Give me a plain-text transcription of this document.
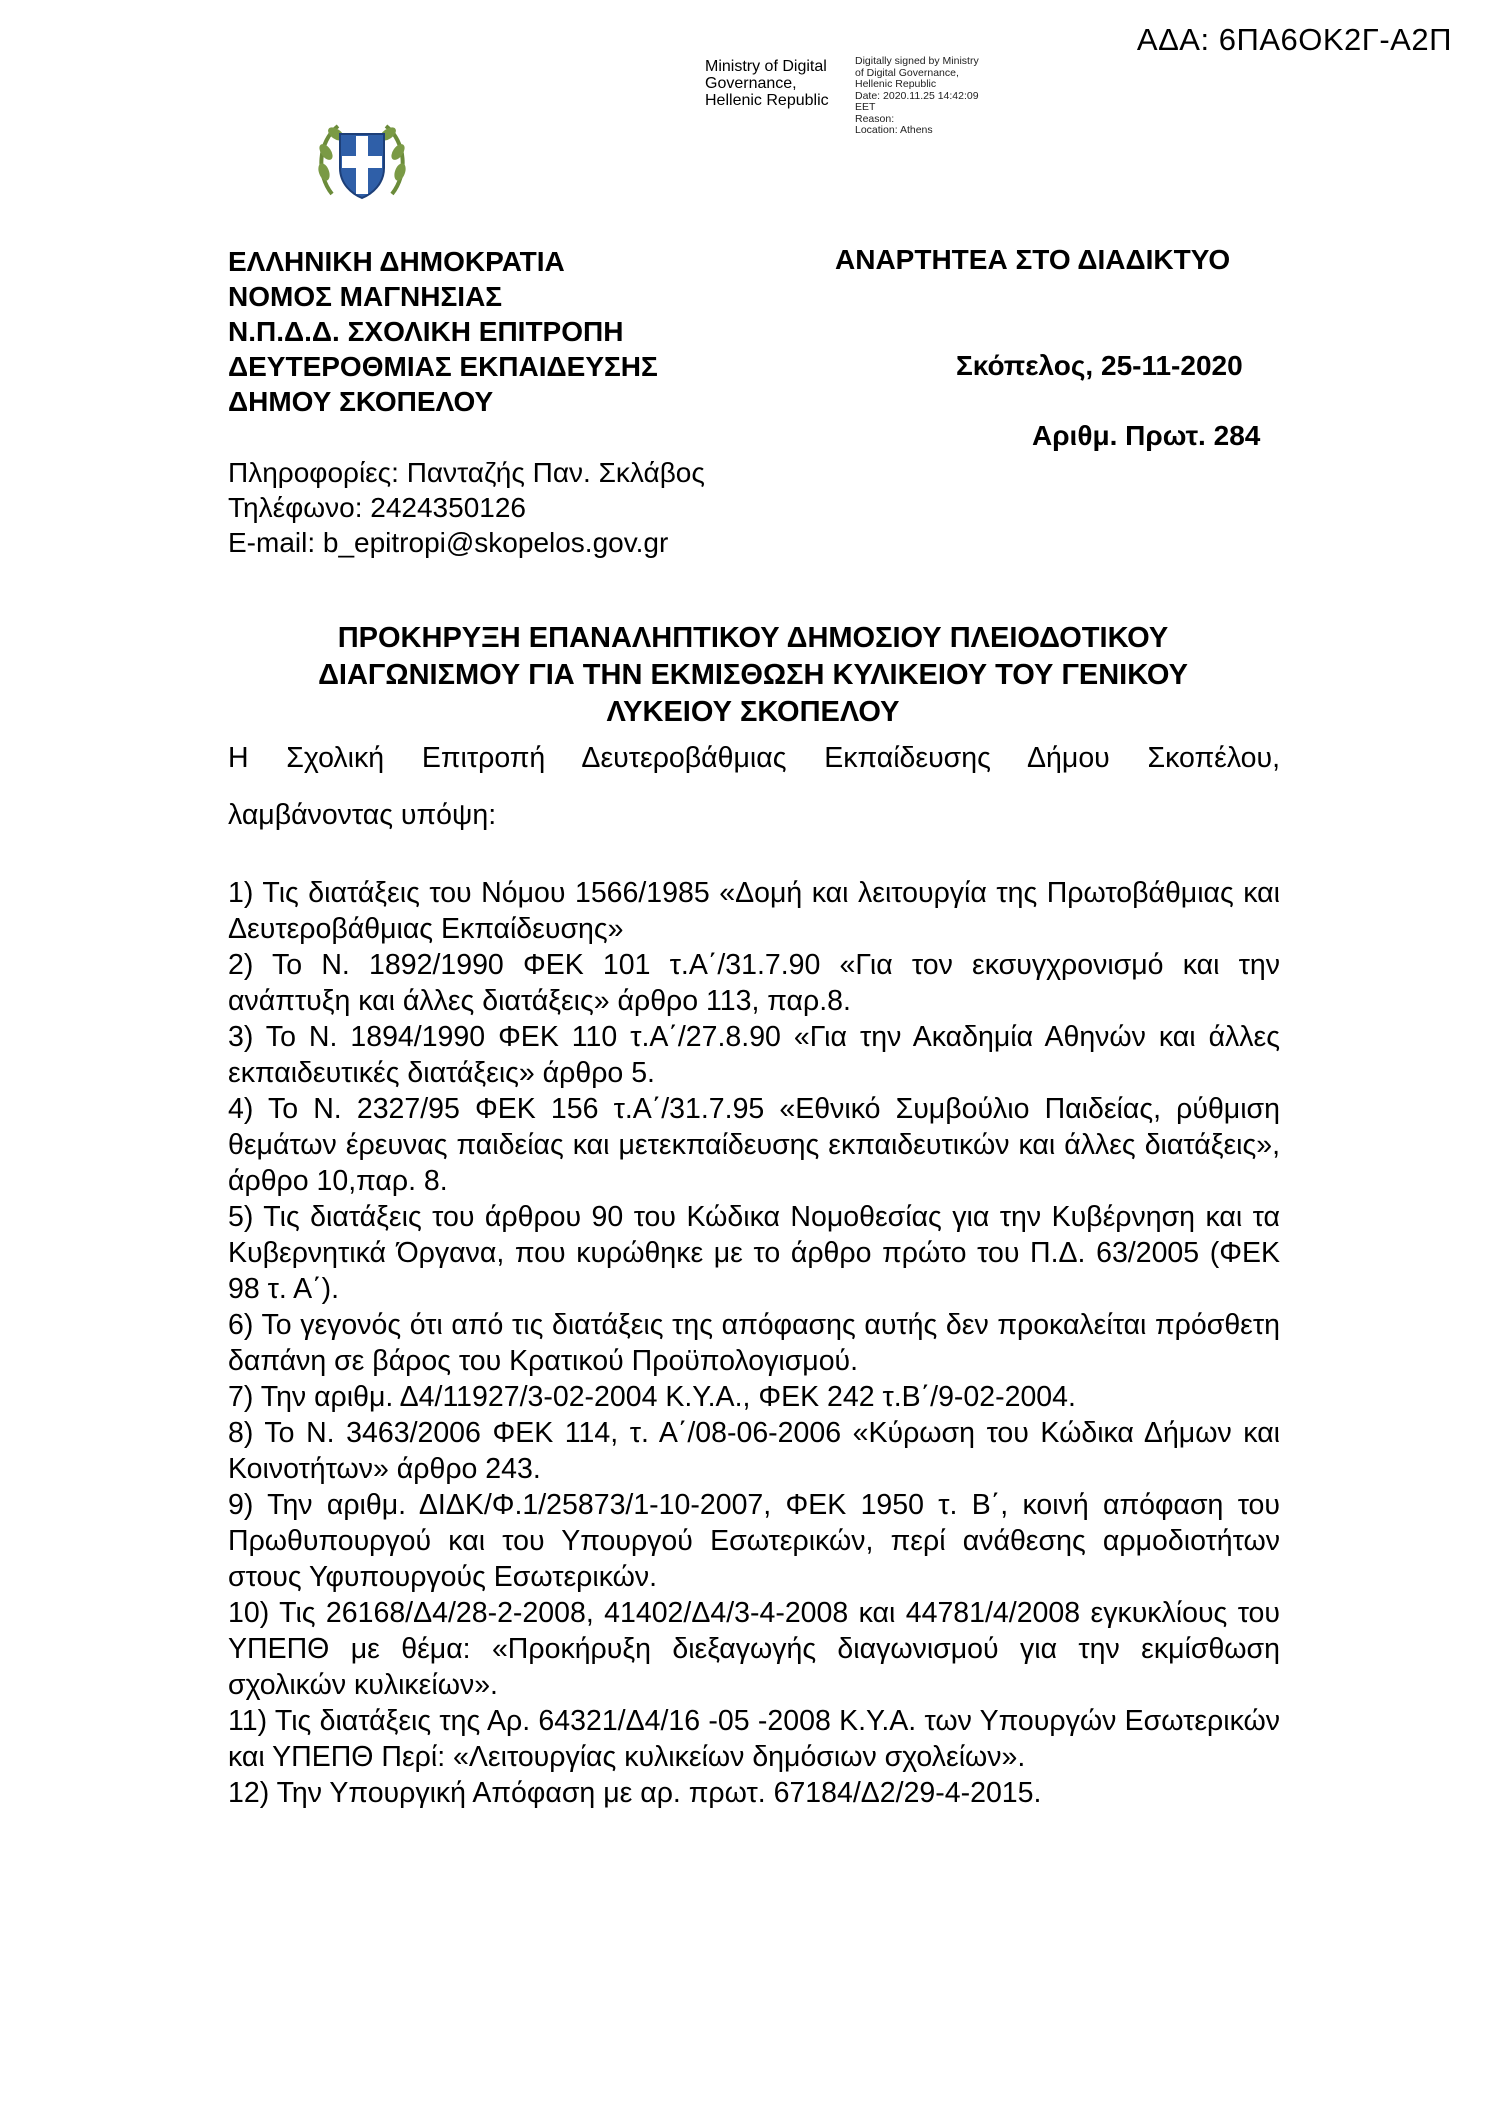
ΑΔΑ: 6ΠΑ6ΟΚ2Γ-Α2Π
Ministry of Digital
Governance,
Hellenic Republic
Digitally signed by Ministry
of Digital Governance,
Hellenic Republic
Date: 2020.11.25 14:42:09
EET
Reason:
Location: Athens
ΕΛΛΗΝΙΚΗ ΔΗΜΟΚΡΑΤΙΑ
ΝΟΜΟΣ ΜΑΓΝΗΣΙΑΣ
Ν.Π.Δ.Δ. ΣΧΟΛΙΚΗ ΕΠΙΤΡΟΠΗ
ΔΕΥΤΕΡΟΘΜΙΑΣ ΕΚΠΑΙΔΕΥΣΗΣ
ΔΗΜΟΥ ΣΚΟΠΕΛΟΥ
ΑΝΑΡΤΗΤΕΑ ΣΤΟ ΔΙΑΔΙΚΤΥΟ
Σκόπελος, 25-11-2020
Αριθμ. Πρωτ. 284
Πληροφορίες: Πανταζής Παν. Σκλάβος
Τηλέφωνο: 2424350126
E-mail: b_epitropi@skopelos.gov.gr
ΠΡΟΚΗΡΥΞΗ ΕΠΑΝΑΛΗΠΤΙΚΟΥ ΔΗΜΟΣΙΟΥ ΠΛΕΙΟΔΟΤΙΚΟΥ
ΔΙΑΓΩΝΙΣΜΟΥ ΓΙΑ ΤΗΝ ΕΚΜΙΣΘΩΣΗ ΚΥΛΙΚΕΙΟΥ ΤΟΥ ΓΕΝΙΚΟΥ
ΛΥΚΕΙΟΥ ΣΚΟΠΕΛΟΥ
Η Σχολική Επιτροπή Δευτεροβάθμιας Εκπαίδευσης Δήμου Σκοπέλου,
λαμβάνοντας υπόψη:

1) Τις διατάξεις του Νόμου 1566/1985 «Δομή και λειτουργία της Πρωτοβάθμιας και Δευτεροβάθμιας Εκπαίδευσης»

2) Το Ν. 1892/1990 ΦΕΚ 101 τ.Α΄/31.7.90 «Για τον εκσυγχρονισμό και την ανάπτυξη και άλλες διατάξεις» άρθρο 113, παρ.8.

3) Το Ν. 1894/1990 ΦΕΚ 110 τ.Α΄/27.8.90 «Για την Ακαδημία Αθηνών και άλλες εκπαιδευτικές διατάξεις» άρθρο 5.

4) Το Ν. 2327/95 ΦΕΚ 156 τ.Α΄/31.7.95 «Εθνικό Συμβούλιο Παιδείας, ρύθμιση θεμάτων έρευνας παιδείας και μετεκπαίδευσης εκπαιδευτικών και άλλες διατάξεις», άρθρο 10,παρ. 8.

5) Τις διατάξεις του άρθρου 90 του Κώδικα Νομοθεσίας για την Κυβέρνηση και τα Κυβερνητικά Όργανα, που κυρώθηκε με το άρθρο πρώτο του Π.Δ. 63/2005 (ΦΕΚ 98 τ. Α΄).

6) Το γεγονός ότι από τις διατάξεις της απόφασης αυτής δεν προκαλείται πρόσθετη δαπάνη σε βάρος του Κρατικού Προϋπολογισμού.

7) Την αριθμ. Δ4/11927/3-02-2004 Κ.Υ.Α., ΦΕΚ 242 τ.Β΄/9-02-2004.

8) Το Ν. 3463/2006 ΦΕΚ 114, τ. Α΄/08-06-2006 «Κύρωση του Κώδικα Δήμων και Κοινοτήτων» άρθρο 243.

9) Την αριθμ. ΔΙΔΚ/Φ.1/25873/1-10-2007, ΦΕΚ 1950 τ. Β΄, κοινή απόφαση του Πρωθυπουργού και του Υπουργού Εσωτερικών, περί ανάθεσης αρμοδιοτήτων στους Υφυπουργούς Εσωτερικών.

10) Τις 26168/Δ4/28-2-2008, 41402/Δ4/3-4-2008 και 44781/4/2008 εγκυκλίους του ΥΠΕΠΘ με θέμα: «Προκήρυξη διεξαγωγής διαγωνισμού για την εκμίσθωση σχολικών κυλικείων».

11) Τις διατάξεις της Αρ. 64321/Δ4/16 -05 -2008 Κ.Υ.Α. των Υπουργών Εσωτερικών και ΥΠΕΠΘ Περί: «Λειτουργίας κυλικείων δημόσιων σχολείων».

12) Την Υπουργική Απόφαση με αρ. πρωτ. 67184/Δ2/29-4-2015.
